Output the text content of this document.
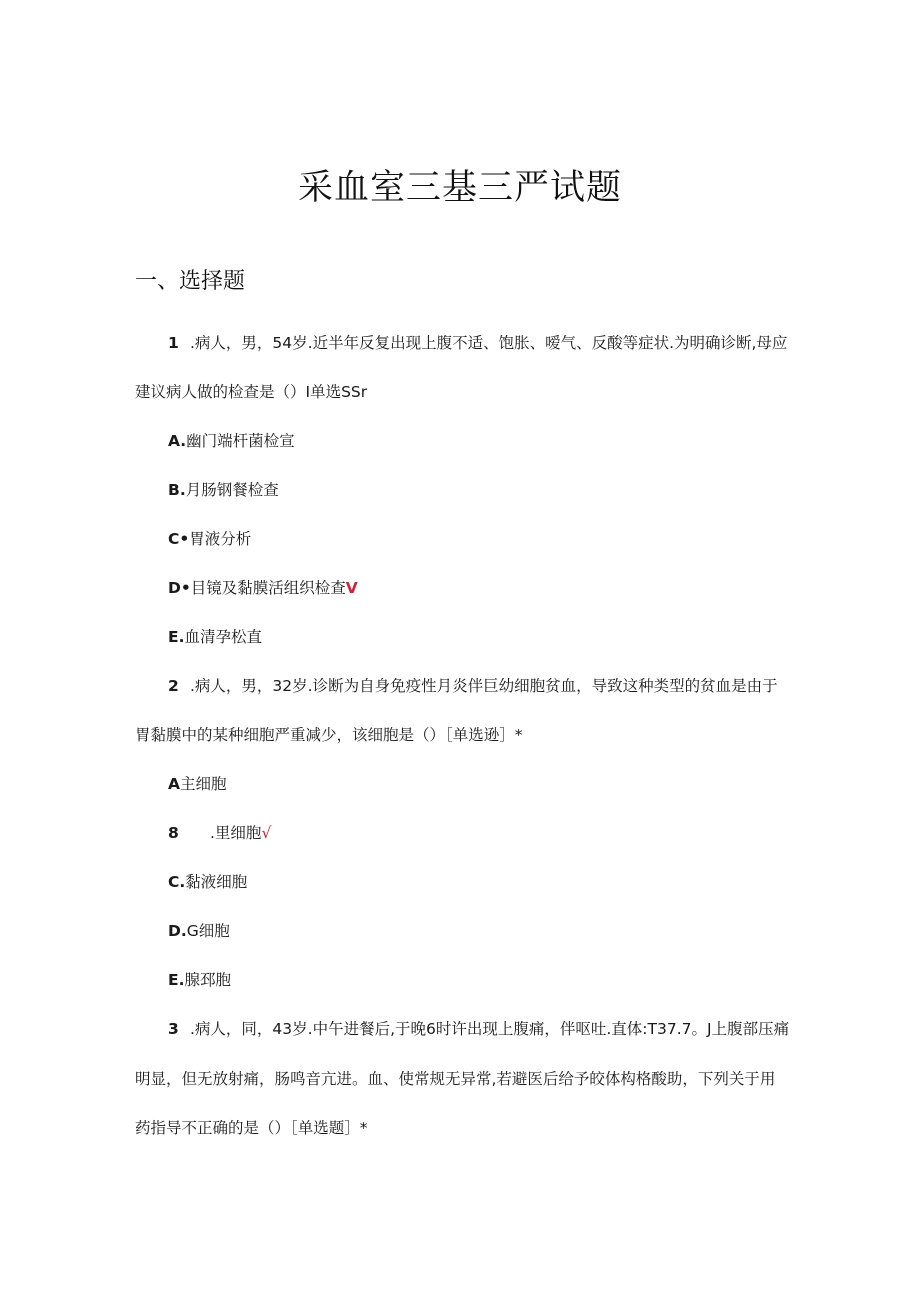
采血室三基三严试题
一、选择题
1 .病人，男，54岁.近半年反复出现上腹不适、饱胀、嗳气、反酸等症状.为明确诊断,母应
建议病人做的检查是（）I单选SSr
A.幽门端杆菌检宣
B.月肠钢餐检查
C•胃液分析
D•目镜及黏膜活组织检查V
E.血清孕松直
2 .病人，男，32岁.诊断为自身免疫性月炎伴巨幼细胞贫血，导致这种类型的贫血是由于
胃黏膜中的某种细胞严重减少，该细胞是（）［单选逊］*
A主细胞
8 .里细胞√
C.黏液细胞
D.G细胞
E.腺邳胞
3 .病人，同，43岁.中午进餐后,于晚6时许出现上腹痛，伴呕吐.直体:T37.7。J上腹部压痛
明显，但无放射痛，肠鸣音亢进。血、使常规无异常,若避医后给予皎体构格酸助，下列关于用
药指导不正确的是（）［单选题］*
